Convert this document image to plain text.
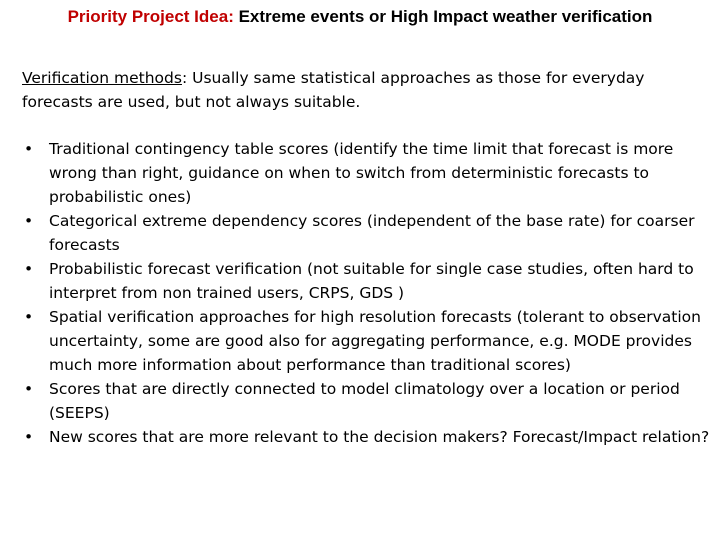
Priority Project Idea: Extreme events or High Impact weather verification
Verification methods: Usually same statistical approaches as those for everyday forecasts are used, but not always suitable.
• Traditional contingency table scores (identify the time limit that forecast is more wrong than right, guidance on when to switch from deterministic forecasts to probabilistic ones)
• Categorical extreme dependency scores (independent of the base rate) for coarser forecasts
• Probabilistic forecast verification (not suitable for single case studies, often hard to interpret from non trained users, CRPS, GDS )
• Spatial verification approaches for high resolution forecasts (tolerant to observation uncertainty, some are good also for aggregating performance, e.g. MODE provides much more information about performance than traditional scores)
• Scores that are directly connected to model climatology over a location or period (SEEPS)
• New scores that are more relevant to the decision makers? Forecast/Impact relation?
